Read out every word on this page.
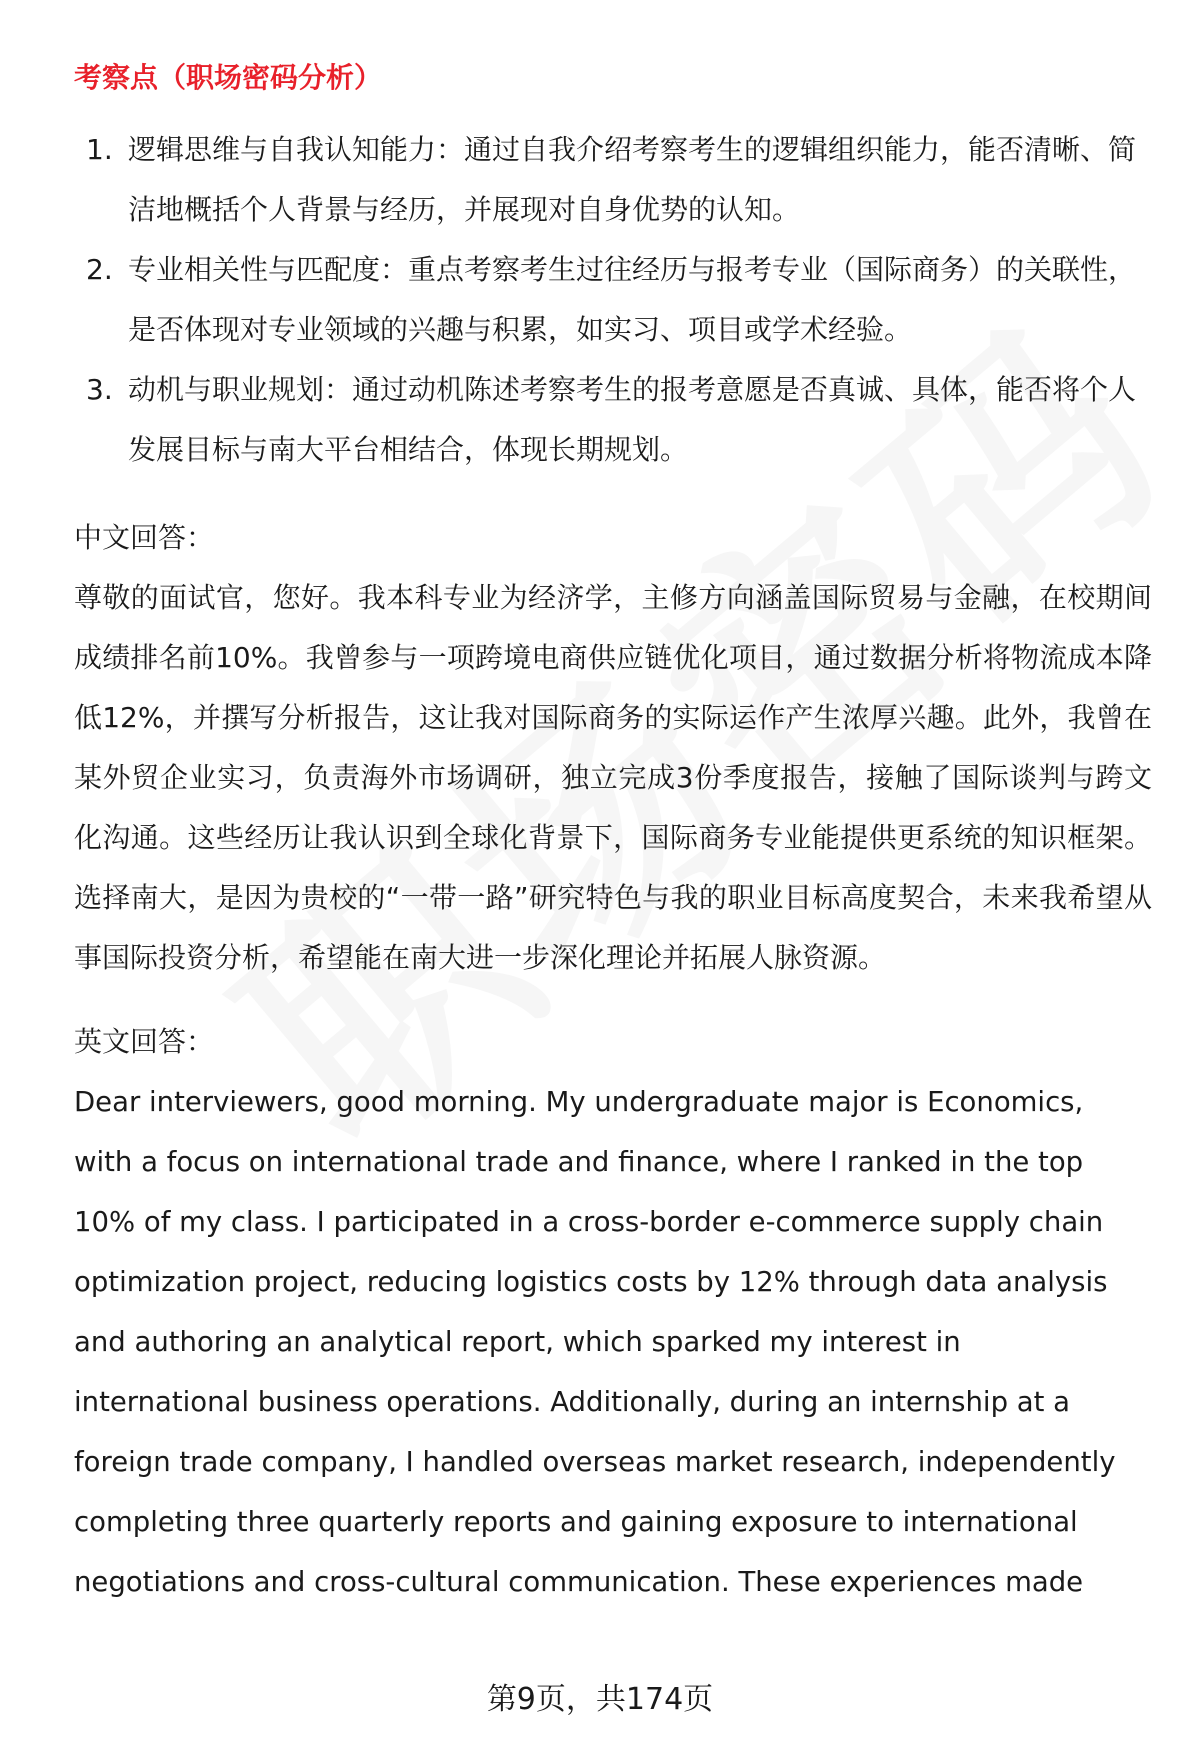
考察点（职场密码分析）
1. 逻辑思维与自我认知能力：通过自我介绍考察考生的逻辑组织能力，能否清晰、简洁地概括个人背景与经历，并展现对自身优势的认知。
2. 专业相关性与匹配度：重点考察考生过往经历与报考专业（国际商务）的关联性，是否体现对专业领域的兴趣与积累，如实习、项目或学术经验。
3. 动机与职业规划：通过动机陈述考察考生的报考意愿是否真诚、具体，能否将个人发展目标与南大平台相结合，体现长期规划。
中文回答：

尊敬的面试官，您好。我本科专业为经济学，主修方向涵盖国际贸易与金融，在校期间成绩排名前10%。我曾参与一项跨境电商供应链优化项目，通过数据分析将物流成本降低12%，并撰写分析报告，这让我对国际商务的实际运作产生浓厚兴趣。此外，我曾在某外贸企业实习，负责海外市场调研，独立完成3份季度报告，接触了国际谈判与跨文化沟通。这些经历让我认识到全球化背景下，国际商务专业能提供更系统的知识框架。选择南大，是因为贵校的“一带一路”研究特色与我的职业目标高度契合，未来我希望从事国际投资分析，希望能在南大进一步深化理论并拓展人脉资源。

英文回答：
Dear interviewers, good morning. My undergraduate major is Economics,
with a focus on international trade and finance, where I ranked in the top
10% of my class. I participated in a cross-border e-commerce supply chain
optimization project, reducing logistics costs by 12% through data analysis
and authoring an analytical report, which sparked my interest in
international business operations. Additionally, during an internship at a
foreign trade company, I handled overseas market research, independently
completing three quarterly reports and gaining exposure to international
negotiations and cross-cultural communication. These experiences made
第9页，共174页
